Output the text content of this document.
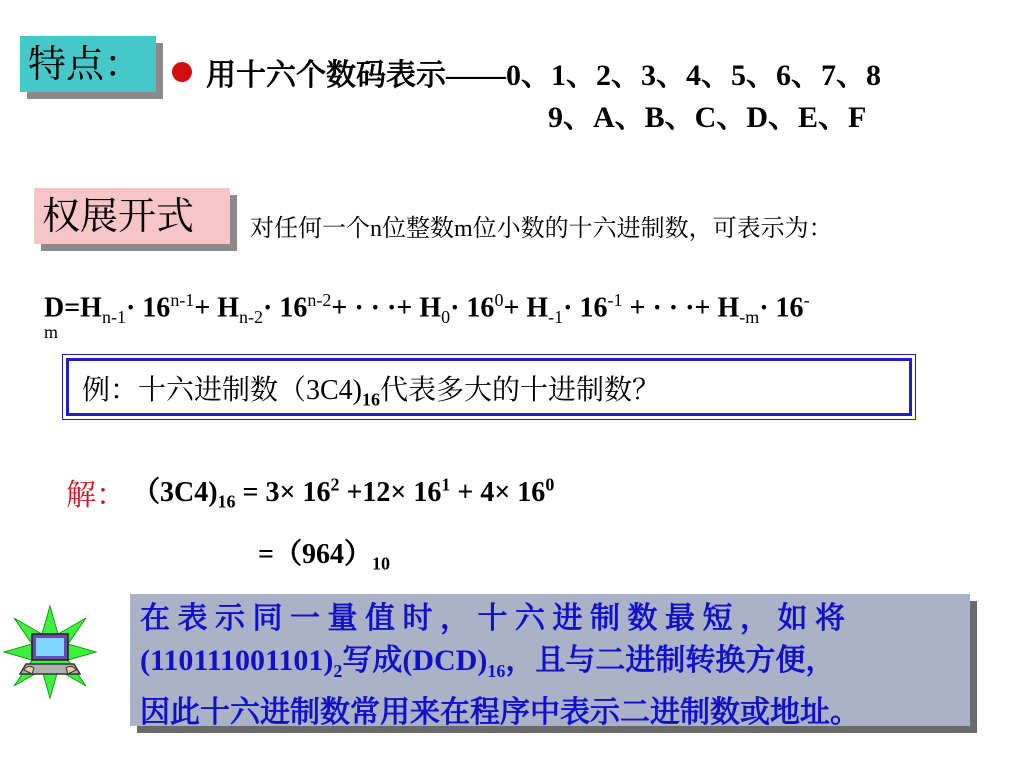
特点：	用十六个数码表示——0、1、2、3、4、5、6、7、8
9、A、B、C、D、E、F
权展开式	对任何一个n位整数m位小数的十六进制数，可表示为：
$D=H_{n-1}\cdot 16^{n-1}+ H_{n-2}\cdot 16^{n-2}+$ · · ·+ $H_0\cdot 16^0+ H_{-1}\cdot 16^{-1}$ + · · ·+ $H_{-m}\cdot 16^-$
m
例：十六进制数$(3C4)_{16}$代表多大的十进制数？
解： $(3C4)_{16} = 3\times 16^2 +12\times 16^1 + 4\times 16^0$
$=(964)_{10}$
在 表 示 同 一 量 值 时 ， 十 六 进 制 数 最 短 ， 如 将
$(110111001101)_2$写成$(DCD)_{16}$，且与二进制转换方便，
因此十六进制数常用来在程序中表示二进制数或地址。
